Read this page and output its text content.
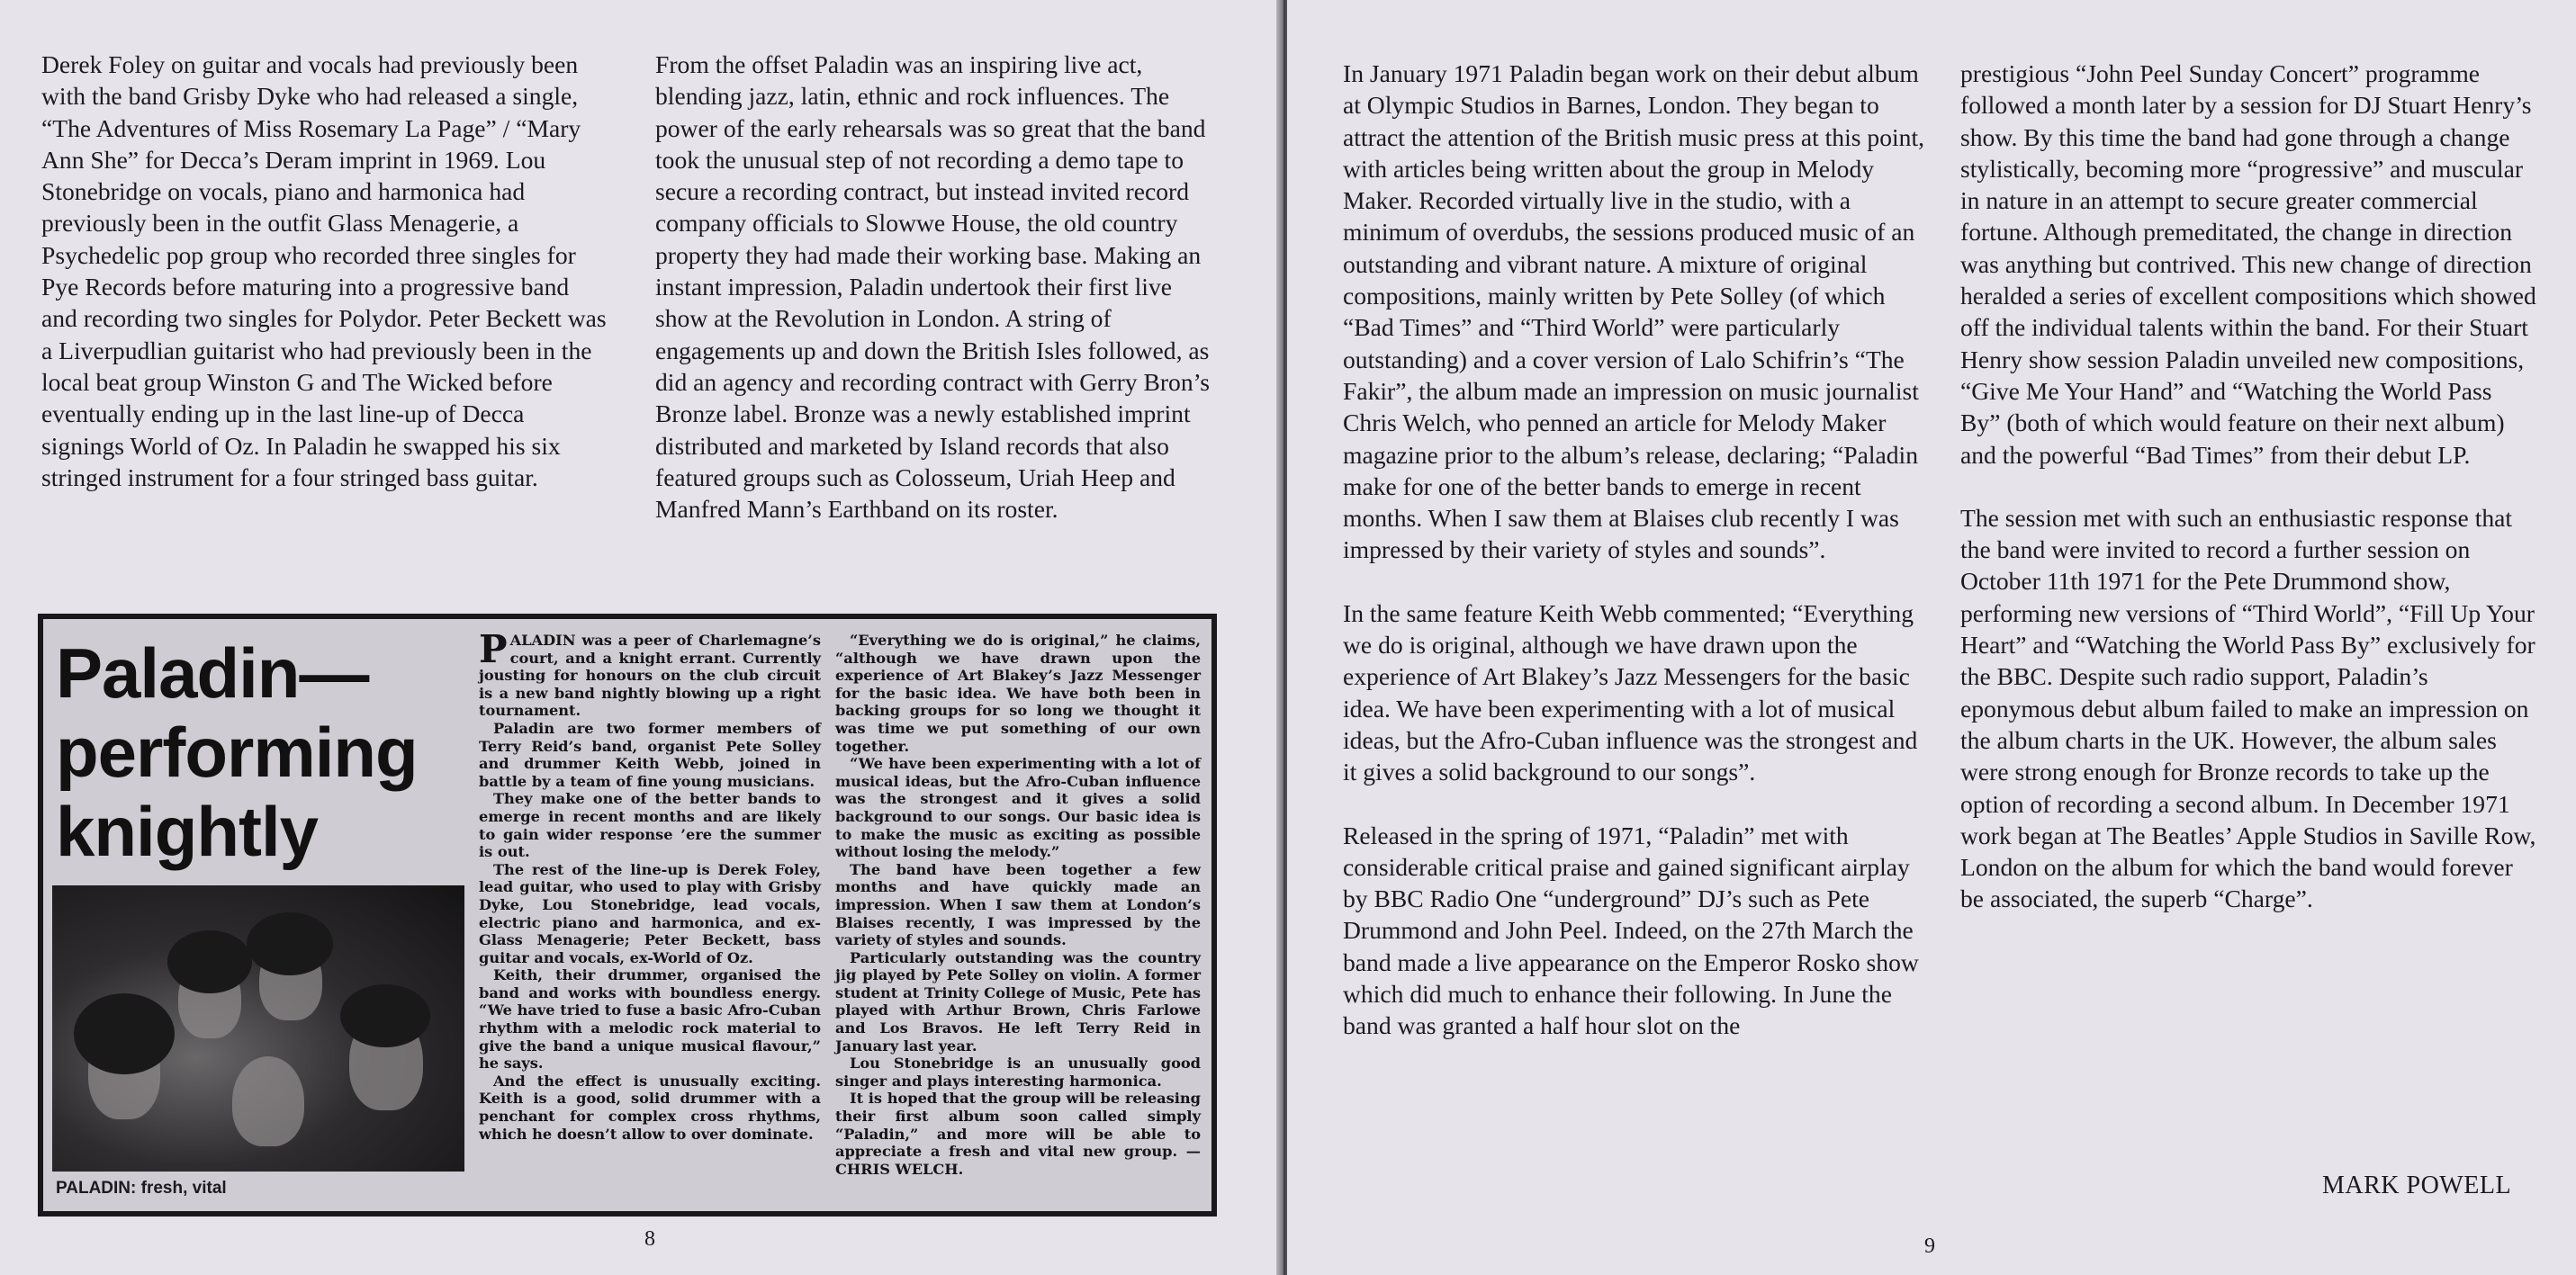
Derek Foley on guitar and vocals had previously been with the band Grisby Dyke who had released a single, “The Adventures of Miss Rosemary La Page” / “Mary Ann She” for Decca’s Deram imprint in 1969. Lou Stonebridge on vocals, piano and harmonica had previously been in the outfit Glass Menagerie, a Psychedelic pop group who recorded three singles for Pye Records before maturing into a progressive band and recording two singles for Polydor. Peter Beckett was a Liverpudlian guitarist who had previously been in the local beat group Winston G and The Wicked before eventually ending up in the last line-up of Decca signings World of Oz. In Paladin he swapped his six stringed instrument for a four stringed bass guitar.

From the offset Paladin was an inspiring live act, blending jazz, latin, ethnic and rock influences. The power of the early rehearsals was so great that the band took the unusual step of not recording a demo tape to secure a recording contract, but instead invited record company officials to Slowwe House, the old country property they had made their working base. Making an instant impression, Paladin undertook their first live show at the Revolution in London. A string of engagements up and down the British Isles followed, as did an agency and recording contract with Gerry Bron’s Bronze label. Bronze was a newly established imprint distributed and marketed by Island records that also featured groups such as Colosseum, Uriah Heep and Manfred Mann’s Earthband on its roster.

Paladin—
performing
knightly
PALADIN: fresh, vital

PALADIN was a peer of Charlemagne’s court, and a knight errant. Currently jousting for honours on the club circuit is a new band nightly blowing up a right tournament.

Paladin are two former members of Terry Reid’s band, organist Pete Solley and drummer Keith Webb, joined in battle by a team of fine young musicians.

They make one of the better bands to emerge in recent months and are likely to gain wider response ’ere the summer is out.

The rest of the line-up is Derek Foley, lead guitar, who used to play with Grisby Dyke, Lou Stonebridge, lead vocals, electric piano and harmonica, and ex-Glass Menagerie; Peter Beckett, bass guitar and vocals, ex-World of Oz.

Keith, their drummer, organised the band and works with boundless energy. “We have tried to fuse a basic Afro-Cuban rhythm with a melodic rock material to give the band a unique musical flavour,” he says.

And the effect is unusually exciting. Keith is a good, solid drummer with a penchant for complex cross rhythms, which he doesn’t allow to over dominate.

“Everything we do is original,” he claims, “although we have drawn upon the experience of Art Blakey’s Jazz Messenger for the basic idea. We have both been in backing groups for so long we thought it was time we put something of our own together.

“We have been experimenting with a lot of musical ideas, but the Afro-Cuban influence was the strongest and it gives a solid background to our songs. Our basic idea is to make the music as exciting as possible without losing the melody.”

The band have been together a few months and have quickly made an impression. When I saw them at London’s Blaises recently, I was impressed by the variety of styles and sounds.

Particularly outstanding was the country jig played by Pete Solley on violin. A former student at Trinity College of Music, Pete has played with Arthur Brown, Chris Farlowe and Los Bravos. He left Terry Reid in January last year.

Lou Stonebridge is an unusually good singer and plays interesting harmonica.

It is hoped that the group will be releasing their first album soon called simply “Paladin,” and more will be able to appreciate a fresh and vital new group. — CHRIS WELCH.

8

In January 1971 Paladin began work on their debut album at Olympic Studios in Barnes, London. They began to attract the attention of the British music press at this point, with articles being written about the group in Melody Maker. Recorded virtually live in the studio, with a minimum of overdubs, the sessions produced music of an outstanding and vibrant nature. A mixture of original compositions, mainly written by Pete Solley (of which “Bad Times” and “Third World” were particularly outstanding) and a cover version of Lalo Schifrin’s “The Fakir”, the album made an impression on music journalist Chris Welch, who penned an article for Melody Maker magazine prior to the album’s release, declaring; “Paladin make for one of the better bands to emerge in recent months. When I saw them at Blaises club recently I was impressed by their variety of styles and sounds”.

In the same feature Keith Webb commented; “Everything we do is original, although we have drawn upon the experience of Art Blakey’s Jazz Messengers for the basic idea. We have been experimenting with a lot of musical ideas, but the Afro-Cuban influence was the strongest and it gives a solid background to our songs”.

Released in the spring of 1971, “Paladin” met with considerable critical praise and gained significant airplay by BBC Radio One “underground” DJ’s such as Pete Drummond and John Peel. Indeed, on the 27th March the band made a live appearance on the Emperor Rosko show which did much to enhance their following. In June the band was granted a half hour slot on the

prestigious “John Peel Sunday Concert” programme followed a month later by a session for DJ Stuart Henry’s show. By this time the band had gone through a change stylistically, becoming more “progressive” and muscular in nature in an attempt to secure greater commercial fortune. Although premeditated, the change in direction was anything but contrived. This new change of direction heralded a series of excellent compositions which showed off the individual talents within the band. For their Stuart Henry show session Paladin unveiled new compositions, “Give Me Your Hand” and “Watching the World Pass By” (both of which would feature on their next album) and the powerful “Bad Times” from their debut LP.

The session met with such an enthusiastic response that the band were invited to record a further session on October 11th 1971 for the Pete Drummond show, performing new versions of “Third World”, “Fill Up Your Heart” and “Watching the World Pass By” exclusively for the BBC. Despite such radio support, Paladin’s eponymous debut album failed to make an impression on the album charts in the UK. However, the album sales were strong enough for Bronze records to take up the option of recording a second album. In December 1971 work began at The Beatles’ Apple Studios in Saville Row, London on the album for which the band would forever be associated, the superb “Charge”.

MARK POWELL
9
